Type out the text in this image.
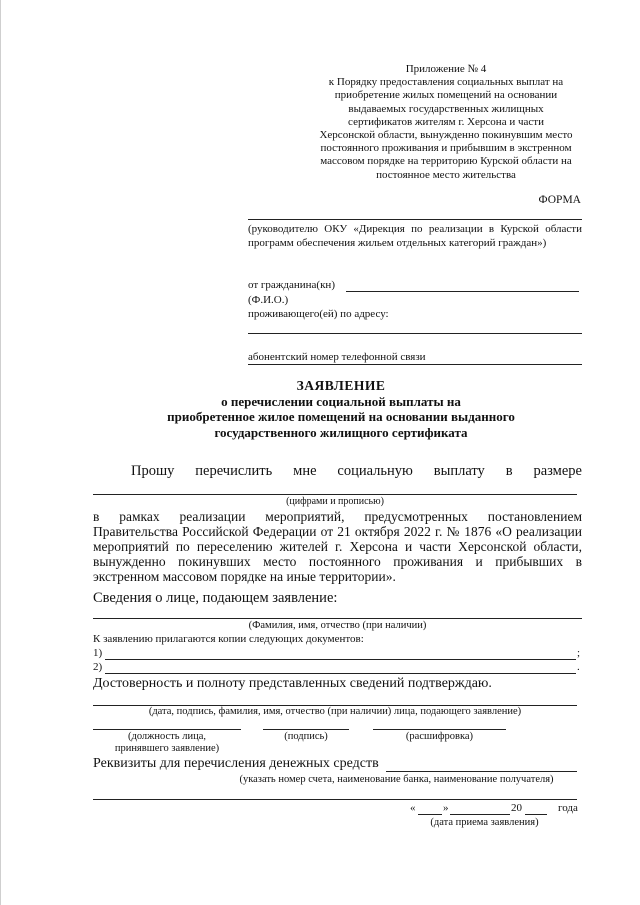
Приложение № 4
к Порядку предоставления социальных выплат на
приобретение жилых помещений на основании
выдаваемых государственных жилищных
сертификатов жителям г. Херсона и части
Херсонской области, вынужденно покинувшим место
постоянного проживания и прибывшим в экстренном
массовом порядке на территорию Курской области на
постоянное место жительства
ФОРМА
(руководителю ОКУ «Дирекция по реализации в Курской области программ обеспечения жильем отдельных категорий граждан»)
от гражданина(кн)
(Ф.И.О.)
проживающего(ей) по адресу:
абонентский номер телефонной связи
ЗАЯВЛЕНИЕ
о перечислении социальной выплаты на
приобретенное жилое помещений на основании выданного
государственного жилищного сертификата
Прошу перечислить мне социальную выплату в размере
(цифрами и прописью)
в рамках реализации мероприятий, предусмотренных постановлением Правительства Российской Федерации от 21 октября 2022 г. № 1876 «О реализации мероприятий по переселению жителей г. Херсона и части Херсонской области, вынужденно покинувших место постоянного проживания и прибывших в экстренном массовом порядке на иные территории».
Сведения о лице, подающем заявление:
(Фамилия, имя, отчество (при наличии)
К заявлению прилагаются копии следующих документов:
1)	;
2)	.
Достоверность и полноту представленных сведений подтверждаю.
(дата, подпись, фамилия, имя, отчество (при наличии) лица, подающего заявление)
(должность лица,
принявшего заявление)
(подпись)	(расшифровка)
Реквизиты для перечисления денежных средств
(указать номер счета, наименование банка, наименование получателя)
«	»	20	года
(дата приема заявления)
